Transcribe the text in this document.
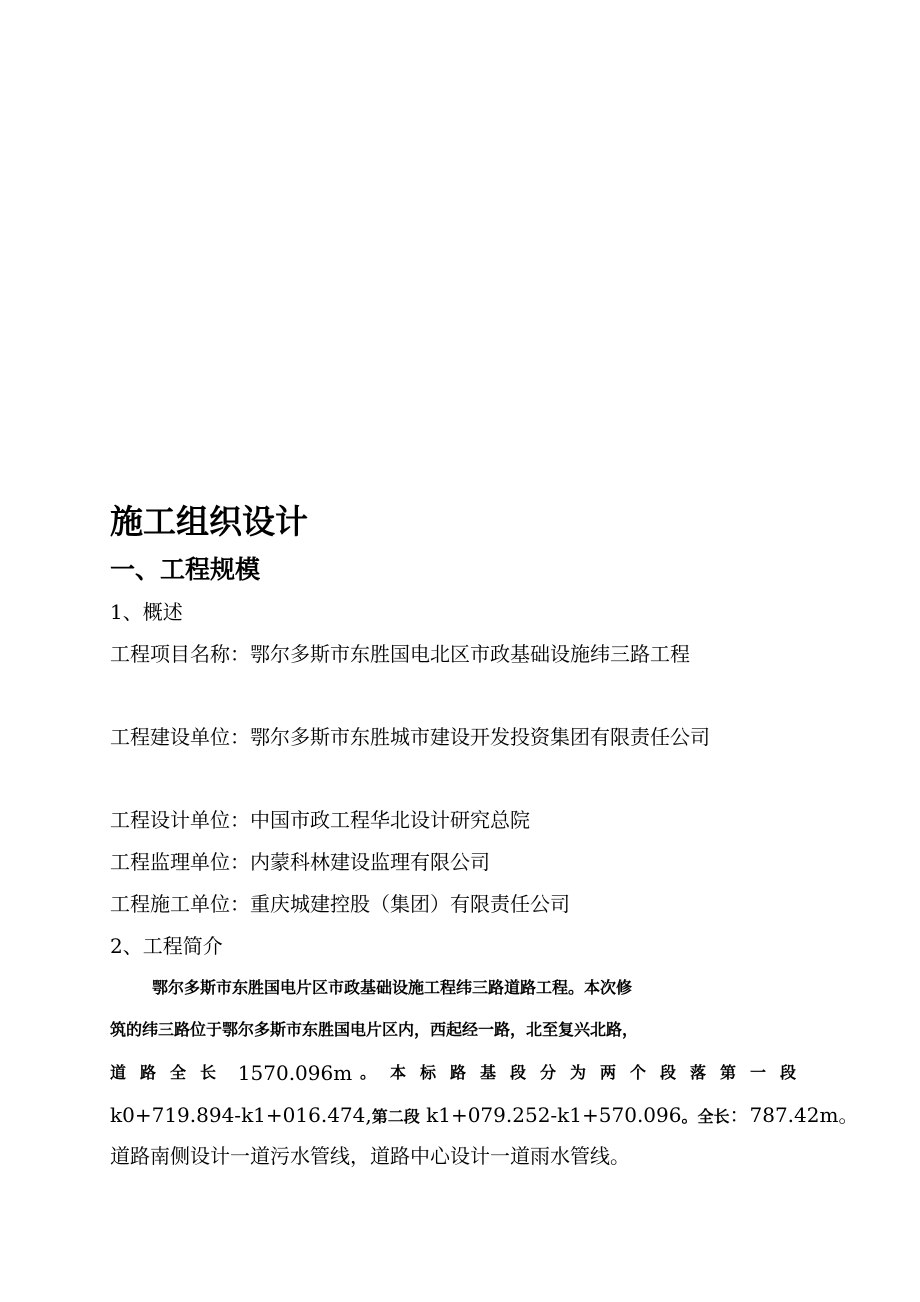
施工组织设计
一、工程规模
1、概述
工程项目名称：鄂尔多斯市东胜国电北区市政基础设施纬三路工程
工程建设单位：鄂尔多斯市东胜城市建设开发投资集团有限责任公司
工程设计单位：中国市政工程华北设计研究总院
工程监理单位：内蒙科林建设监理有限公司
工程施工单位：重庆城建控股（集团）有限责任公司
2、工程简介
鄂尔多斯市东胜国电片区市政基础设施工程纬三路道路工程。本次修
筑的纬三路位于鄂尔多斯市东胜国电片区内，西起经一路，北至复兴北路，
道路全长 1570.096m 。本标路基段分为两个段落第一段
k0+719.894-k1+016.474,第二段 k1+079.252-k1+570.096。全长：787.42m。
道路南侧设计一道污水管线，道路中心设计一道雨水管线。
